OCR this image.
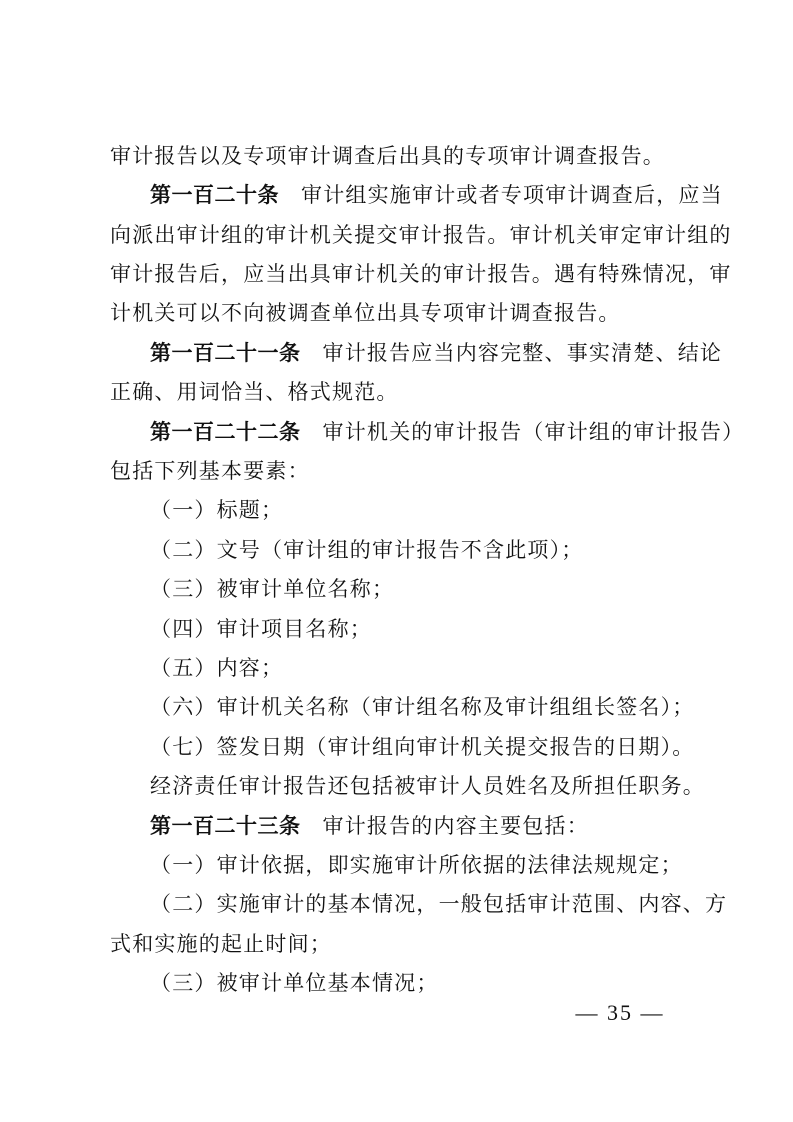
审计报告以及专项审计调查后出具的专项审计调查报告。
第一百二十条 审计组实施审计或者专项审计调查后，应当
向派出审计组的审计机关提交审计报告。审计机关审定审计组的
审计报告后，应当出具审计机关的审计报告。遇有特殊情况，审
计机关可以不向被调查单位出具专项审计调查报告。
第一百二十一条 审计报告应当内容完整、事实清楚、结论
正确、用词恰当、格式规范。
第一百二十二条 审计机关的审计报告（审计组的审计报告）
包括下列基本要素：
（一）标题；
（二）文号（审计组的审计报告不含此项）；
（三）被审计单位名称；
（四）审计项目名称；
（五）内容；
（六）审计机关名称（审计组名称及审计组组长签名）；
（七）签发日期（审计组向审计机关提交报告的日期）。
经济责任审计报告还包括被审计人员姓名及所担任职务。
第一百二十三条 审计报告的内容主要包括：
（一）审计依据，即实施审计所依据的法律法规规定；
（二）实施审计的基本情况，一般包括审计范围、内容、方
式和实施的起止时间；
（三）被审计单位基本情况；
— 35 —
